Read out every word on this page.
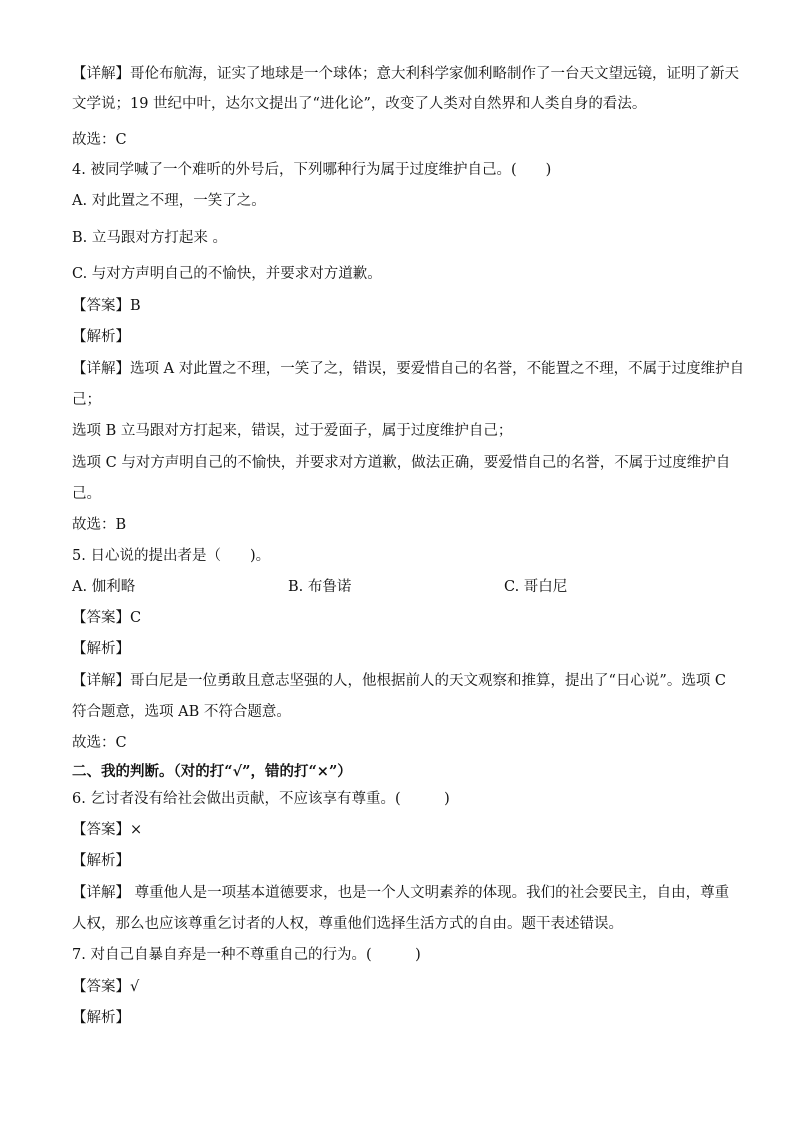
【详解】哥伦布航海，证实了地球是一个球体；意大利科学家伽利略制作了一台天文望远镜，证明了新天
文学说；19 世纪中叶，达尔文提出了“进化论”，改变了人类对自然界和人类自身的看法。
故选：C
4. 被同学喊了一个难听的外号后，下列哪种行为属于过度维护自己。(　　)
A. 对此置之不理，一笑了之。
B. 立马跟对方打起来 。
C. 与对方声明自己的不愉快，并要求对方道歉。
【答案】B
【解析】
【详解】选项 A 对此置之不理，一笑了之，错误，要爱惜自己的名誉，不能置之不理，不属于过度维护自
己；
选项 B 立马跟对方打起来，错误，过于爱面子，属于过度维护自己；
选项 C 与对方声明自己的不愉快，并要求对方道歉，做法正确，要爱惜自己的名誉，不属于过度维护自
己。
故选：B
5. 日心说的提出者是（　　)。
A. 伽利略	B. 布鲁诺	C. 哥白尼
【答案】C
【解析】
【详解】哥白尼是一位勇敢且意志坚强的人，他根据前人的天文观察和推算，提出了“日心说”。选项 C
符合题意，选项 AB 不符合题意。
故选：C
二、我的判断。（对的打“√”，错的打“×”）
6. 乞讨者没有给社会做出贡献，不应该享有尊重。(　　　)
【答案】×
【解析】
【详解】 尊重他人是一项基本道德要求，也是一个人文明素养的体现。我们的社会要民主，自由，尊重
人权，那么也应该尊重乞讨者的人权，尊重他们选择生活方式的自由。题干表述错误。
7. 对自己自暴自弃是一种不尊重自己的行为。(　　　)
【答案】√
【解析】
